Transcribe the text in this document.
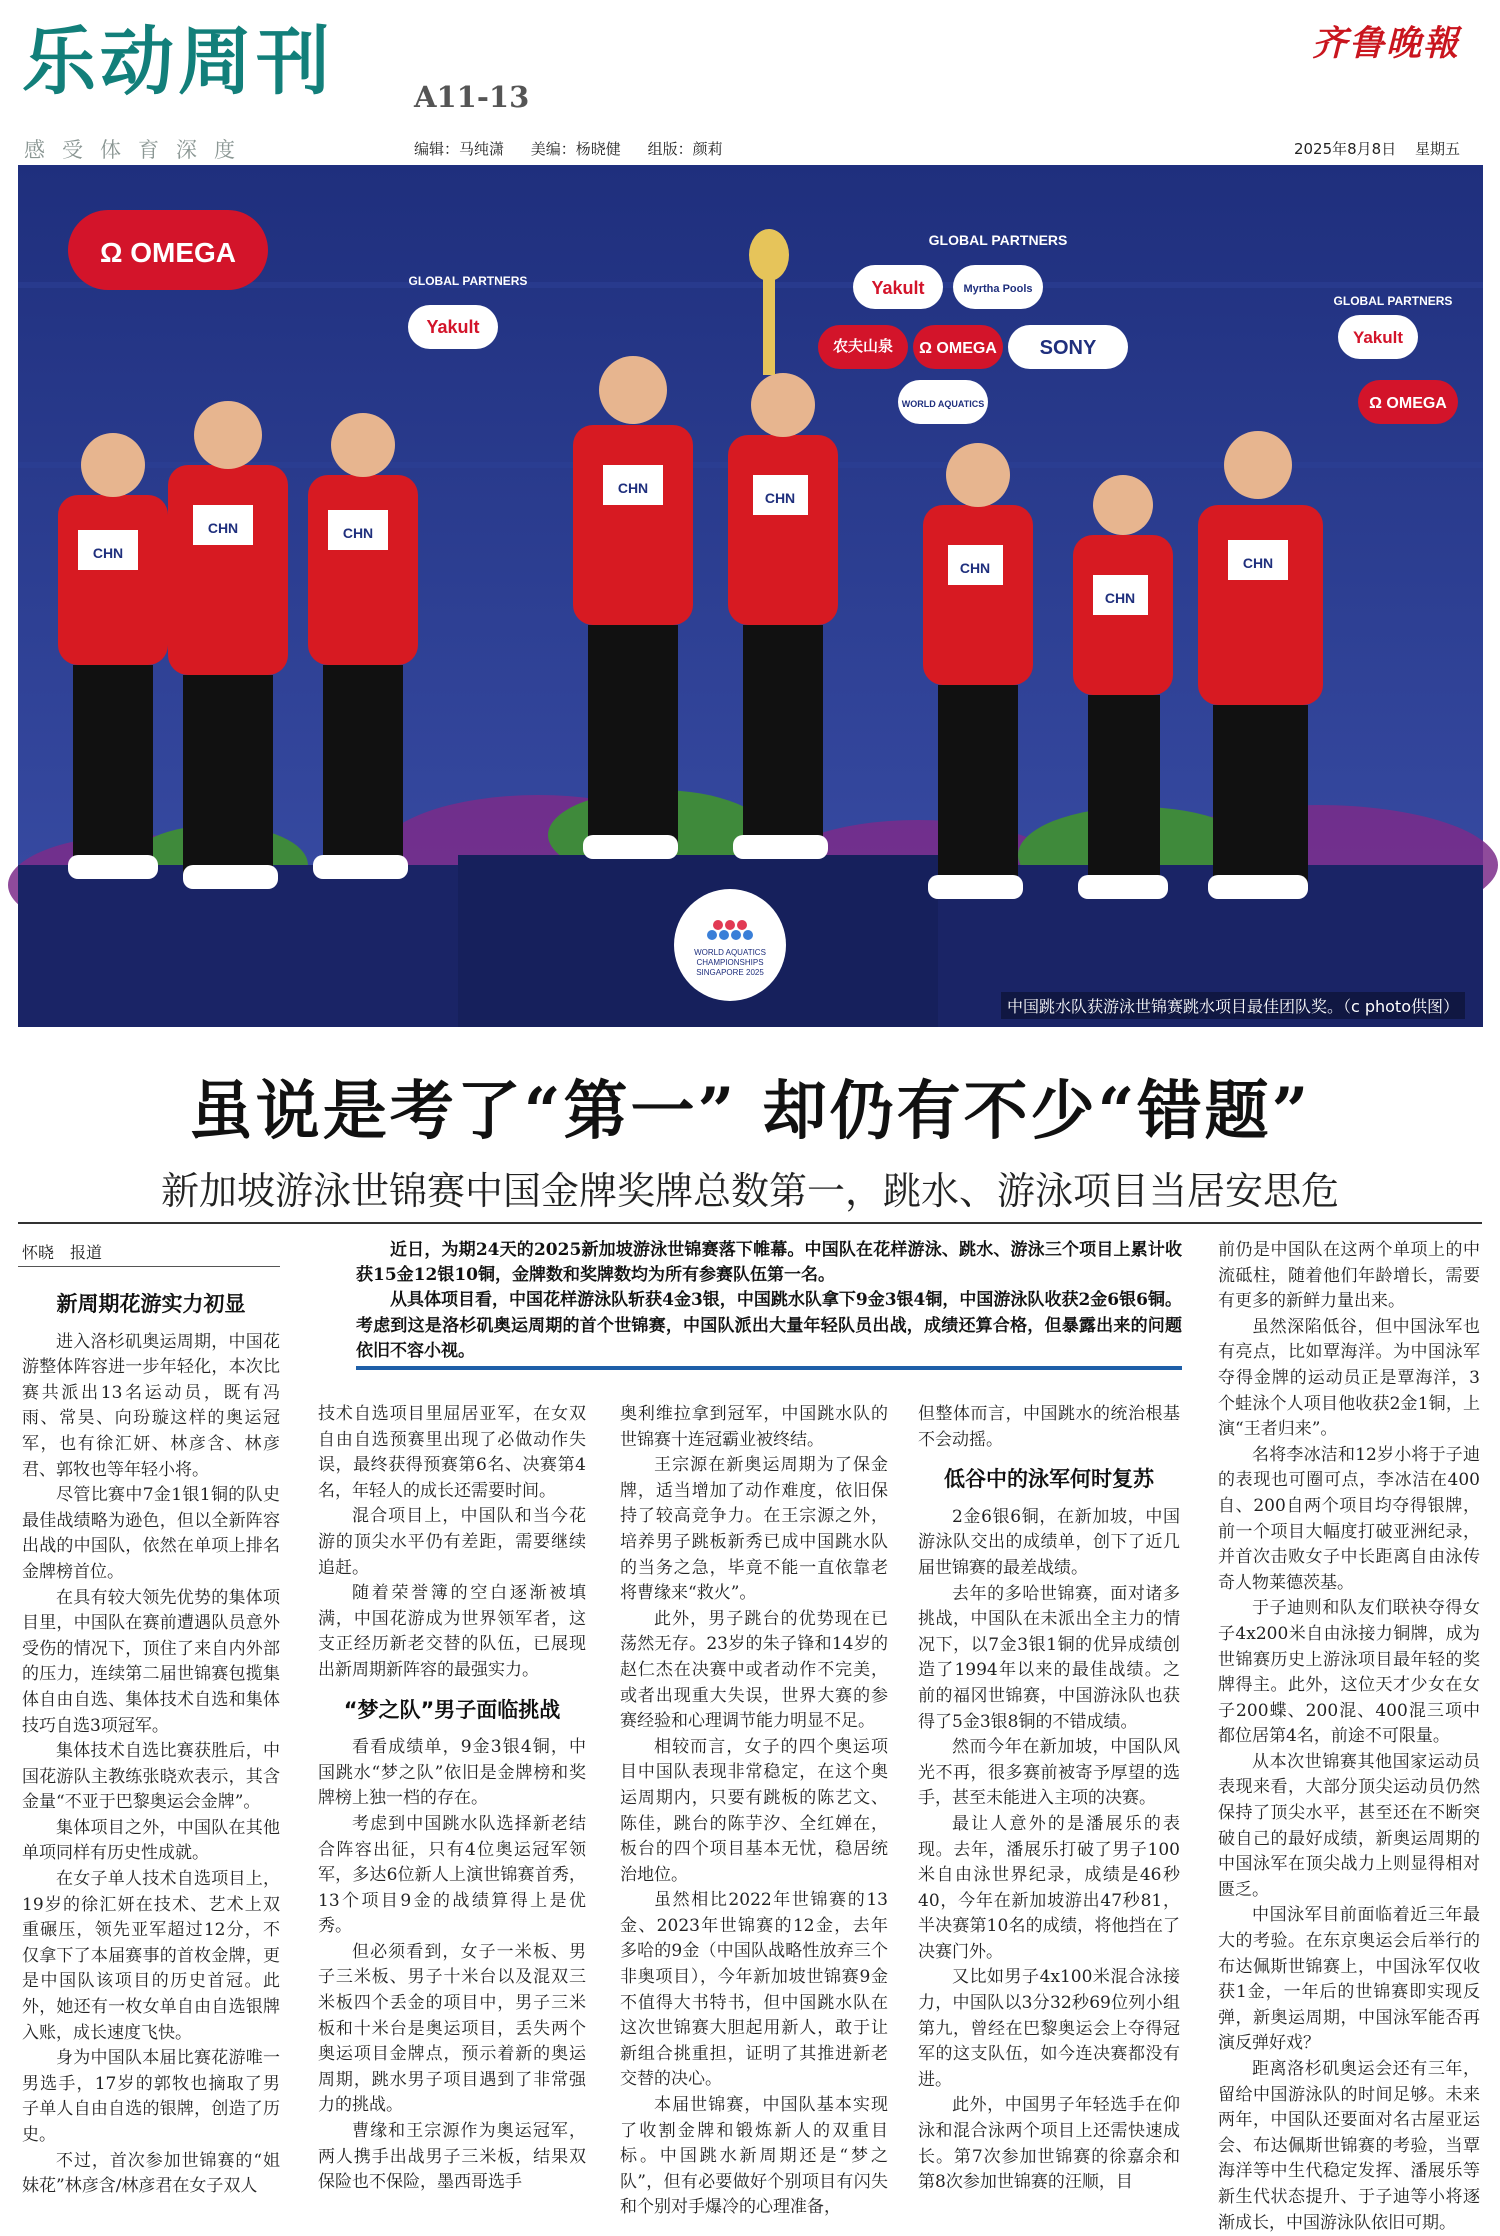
乐动周刊	A11-13
感受体育深度	编辑：马纯潇 美编：杨晓健 组版：颜莉
齐鲁晚報
2025年8月8日 星期五
Ω OMEGA	GLOBAL PARTNERS
GLOBAL PARTNERS
GLOBAL PARTNERS
Yakult	Myrtha Pools
SONY
Ω OMEGA
农夫山泉
Yakult
Yakult
Ω OMEGA
WORLD AQUATICS
WORLD AQUATICS
CHAMPIONSHIPS
SINGAPORE 2025
CHN
CHN	CHN
CHN
CHN
CHN
CHN
CHN
中国跳水队获游泳世锦赛跳水项目最佳团队奖。（c photo供图）
虽说是考了“第一” 却仍有不少“错题”
新加坡游泳世锦赛中国金牌奖牌总数第一，跳水、游泳项目当居安思危
怀晓　报道	近日，为期24天的2025新加坡游泳世锦赛落下帷幕。中国队在花样游泳、跳水、游泳三个项目上累计收获15金12银10铜，金牌数和奖牌数均为所有参赛队伍第一名。

从具体项目看，中国花样游泳队斩获4金3银，中国跳水队拿下9金3银4铜，中国游泳队收获2金6银6铜。考虑到这是洛杉矶奥运周期的首个世锦赛，中国队派出大量年轻队员出战，成绩还算合格，但暴露出来的问题依旧不容小视。

新周期花游实力初显

进入洛杉矶奥运周期，中国花游整体阵容进一步年轻化，本次比赛共派出13名运动员，既有冯雨、常昊、向玢璇这样的奥运冠军，也有徐汇妍、林彦含、林彦君、郭牧也等年轻小将。

尽管比赛中7金1银1铜的队史最佳战绩略为逊色，但以全新阵容出战的中国队，依然在单项上排名金牌榜首位。

在具有较大领先优势的集体项目里，中国队在赛前遭遇队员意外受伤的情况下，顶住了来自内外部的压力，连续第二届世锦赛包揽集体自由自选、集体技术自选和集体技巧自选3项冠军。

集体技术自选比赛获胜后，中国花游队主教练张晓欢表示，其含金量“不亚于巴黎奥运会金牌”。

集体项目之外，中国队在其他单项同样有历史性成就。

在女子单人技术自选项目上，19岁的徐汇妍在技术、艺术上双重碾压，领先亚军超过12分，不仅拿下了本届赛事的首枚金牌，更是中国队该项目的历史首冠。此外，她还有一枚女单自由自选银牌入账，成长速度飞快。

身为中国队本届比赛花游唯一男选手，17岁的郭牧也摘取了男子单人自由自选的银牌，创造了历史。

不过，首次参加世锦赛的“姐妹花”林彦含/林彦君在女子双人

技术自选项目里屈居亚军，在女双自由自选预赛里出现了必做动作失误，最终获得预赛第6名、决赛第4名，年轻人的成长还需要时间。

混合项目上，中国队和当今花游的顶尖水平仍有差距，需要继续追赶。

随着荣誉簿的空白逐渐被填满，中国花游成为世界领军者，这支正经历新老交替的队伍，已展现出新周期新阵容的最强实力。

“梦之队”男子面临挑战

看看成绩单，9金3银4铜，中国跳水“梦之队”依旧是金牌榜和奖牌榜上独一档的存在。

考虑到中国跳水队选择新老结合阵容出征，只有4位奥运冠军领军，多达6位新人上演世锦赛首秀，13个项目9金的战绩算得上是优秀。

但必须看到，女子一米板、男子三米板、男子十米台以及混双三米板四个丢金的项目中，男子三米板和十米台是奥运项目，丢失两个奥运项目金牌点，预示着新的奥运周期，跳水男子项目遇到了非常强力的挑战。

曹缘和王宗源作为奥运冠军，两人携手出战男子三米板，结果双保险也不保险，墨西哥选手

奥利维拉拿到冠军，中国跳水队的世锦赛十连冠霸业被终结。

王宗源在新奥运周期为了保金牌，适当增加了动作难度，依旧保持了较高竞争力。在王宗源之外，培养男子跳板新秀已成中国跳水队的当务之急，毕竟不能一直依靠老将曹缘来“救火”。

此外，男子跳台的优势现在已荡然无存。23岁的朱子锋和14岁的赵仁杰在决赛中或者动作不完美，或者出现重大失误，世界大赛的参赛经验和心理调节能力明显不足。

相较而言，女子的四个奥运项目中国队表现非常稳定，在这个奥运周期内，只要有跳板的陈艺文、陈佳，跳台的陈芋汐、全红婵在，板台的四个项目基本无忧，稳居统治地位。

虽然相比2022年世锦赛的13金、2023年世锦赛的12金，去年多哈的9金（中国队战略性放弃三个非奥项目），今年新加坡世锦赛9金不值得大书特书，但中国跳水队在这次世锦赛大胆起用新人，敢于让新组合挑重担，证明了其推进新老交替的决心。

本届世锦赛，中国队基本实现了收割金牌和锻炼新人的双重目标。中国跳水新周期还是“梦之队”，但有必要做好个别项目有闪失和个别对手爆冷的心理准备，

但整体而言，中国跳水的统治根基不会动摇。

低谷中的泳军何时复苏

2金6银6铜，在新加坡，中国游泳队交出的成绩单，创下了近几届世锦赛的最差战绩。

去年的多哈世锦赛，面对诸多挑战，中国队在未派出全主力的情况下，以7金3银1铜的优异成绩创造了1994年以来的最佳战绩。之前的福冈世锦赛，中国游泳队也获得了5金3银8铜的不错成绩。

然而今年在新加坡，中国队风光不再，很多赛前被寄予厚望的选手，甚至未能进入主项的决赛。

最让人意外的是潘展乐的表现。去年，潘展乐打破了男子100米自由泳世界纪录，成绩是46秒40，今年在新加坡游出47秒81，半决赛第10名的成绩，将他挡在了决赛门外。

又比如男子4x100米混合泳接力，中国队以3分32秒69位列小组第九，曾经在巴黎奥运会上夺得冠军的这支队伍，如今连决赛都没有进。

此外，中国男子年轻选手在仰泳和混合泳两个项目上还需快速成长。第7次参加世锦赛的徐嘉余和第8次参加世锦赛的汪顺，目

前仍是中国队在这两个单项上的中流砥柱，随着他们年龄增长，需要有更多的新鲜力量出来。

虽然深陷低谷，但中国泳军也有亮点，比如覃海洋。为中国泳军夺得金牌的运动员正是覃海洋，3个蛙泳个人项目他收获2金1铜，上演“王者归来”。

名将李冰洁和12岁小将于子迪的表现也可圈可点，李冰洁在400自、200自两个项目均夺得银牌，前一个项目大幅度打破亚洲纪录，并首次击败女子中长距离自由泳传奇人物莱德茨基。

于子迪则和队友们联袂夺得女子4x200米自由泳接力铜牌，成为世锦赛历史上游泳项目最年轻的奖牌得主。此外，这位天才少女在女子200蝶、200混、400混三项中都位居第4名，前途不可限量。

从本次世锦赛其他国家运动员表现来看，大部分顶尖运动员仍然保持了顶尖水平，甚至还在不断突破自己的最好成绩，新奥运周期的中国泳军在顶尖战力上则显得相对匮乏。

中国泳军目前面临着近三年最大的考验。在东京奥运会后举行的布达佩斯世锦赛上，中国泳军仅收获1金，一年后的世锦赛即实现反弹，新奥运周期，中国泳军能否再演反弹好戏？

距离洛杉矶奥运会还有三年，留给中国游泳队的时间足够。未来两年，中国队还要面对名古屋亚运会、布达佩斯世锦赛的考验，当覃海洋等中生代稳定发挥、潘展乐等新生代状态提升、于子迪等小将逐渐成长，中国游泳队依旧可期。
